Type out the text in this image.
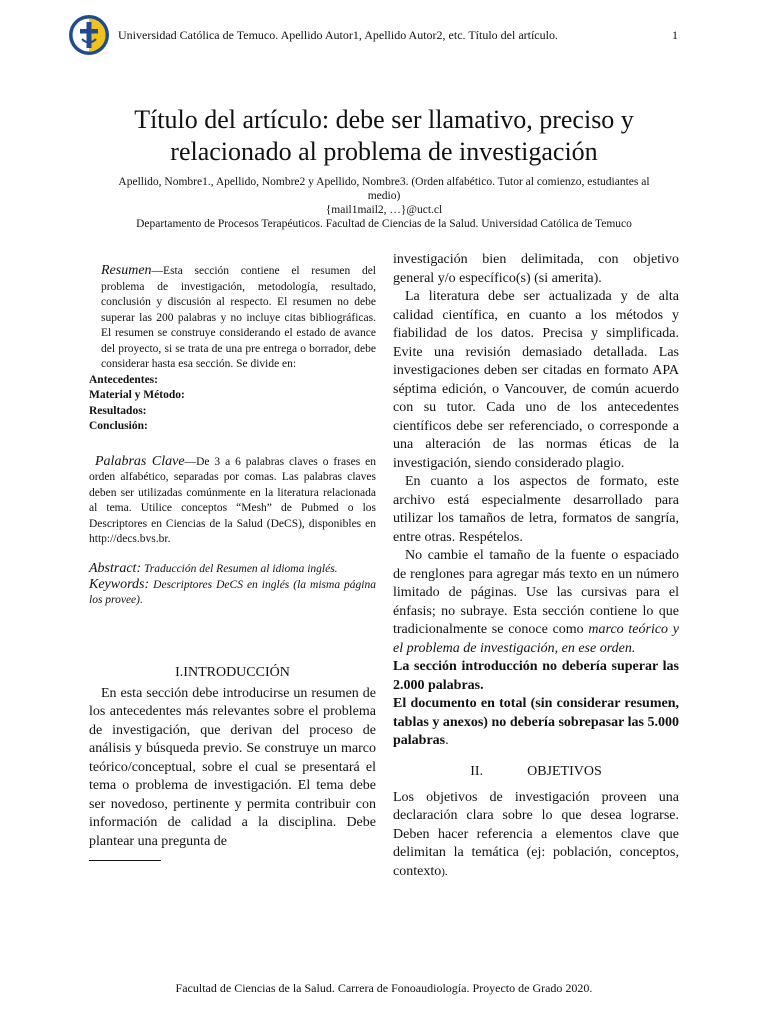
Universidad Católica de Temuco. Apellido Autor1, Apellido Autor2, etc. Título del artículo.	1
Título del artículo: debe ser llamativo, preciso y
relacionado al problema de investigación
Apellido, Nombre1., Apellido, Nombre2 y Apellido, Nombre3. (Orden alfabético. Tutor al comienzo, estudiantes al medio)
{mail1mail2, …}@uct.cl
Departamento de Procesos Terapéuticos. Facultad de Ciencias de la Salud. Universidad Católica de Temuco

Resumen—Esta sección contiene el resumen del problema de investigación, metodología, resultado, conclusión y discusión al respecto. El resumen no debe superar las 200 palabras y no incluye citas bibliográficas. El resumen se construye considerando el estado de avance del proyecto, si se trata de una pre entrega o borrador, debe considerar hasta esa sección. Se divide en:

Antecedentes:
Material y Método:
Resultados:
Conclusión:

Palabras Clave—De 3 a 6 palabras claves o frases en orden alfabético, separadas por comas. Las palabras claves deben ser utilizadas comúnmente en la literatura relacionada al tema. Utilice conceptos “Mesh” de Pubmed o los Descriptores en Ciencias de la Salud (DeCS), disponibles en http://decs.bvs.br.

Abstract: Traducción del Resumen al idioma inglés.
Keywords: Descriptores DeCS en inglés (la misma página los provee).

I.INTRODUCCIÓN

En esta sección debe introducirse un resumen de los antecedentes más relevantes sobre el problema de investigación, que derivan del proceso de análisis y búsqueda previo. Se construye un marco teórico/conceptual, sobre el cual se presentará el tema o problema de investigación. El tema debe ser novedoso, pertinente y permita contribuir con información de calidad a la disciplina. Debe plantear una pregunta de

investigación bien delimitada, con objetivo general y/o específico(s) (si amerita).

La literatura debe ser actualizada y de alta calidad científica, en cuanto a los métodos y fiabilidad de los datos. Precisa y simplificada. Evite una revisión demasiado detallada. Las investigaciones deben ser citadas en formato APA séptima edición, o Vancouver, de común acuerdo con su tutor. Cada uno de los antecedentes científicos debe ser referenciado, o corresponde a una alteración de las normas éticas de la investigación, siendo considerado plagio.

En cuanto a los aspectos de formato, este archivo está especialmente desarrollado para utilizar los tamaños de letra, formatos de sangría, entre otras. Respételos.

No cambie el tamaño de la fuente o espaciado de renglones para agregar más texto en un número limitado de páginas. Use las cursivas para el énfasis; no subraye. Esta sección contiene lo que tradicionalmente se conoce como marco teórico y el problema de investigación, en ese orden.

La sección introducción no debería superar las 2.000 palabras.

El documento en total (sin considerar resumen, tablas y anexos) no debería sobrepasar las 5.000 palabras.

II.	OBJETIVOS

Los objetivos de investigación proveen una declaración clara sobre lo que desea lograrse. Deben hacer referencia a elementos clave que delimitan la temática (ej: población, conceptos, contexto).

Facultad de Ciencias de la Salud. Carrera de Fonoaudiología. Proyecto de Grado 2020.
